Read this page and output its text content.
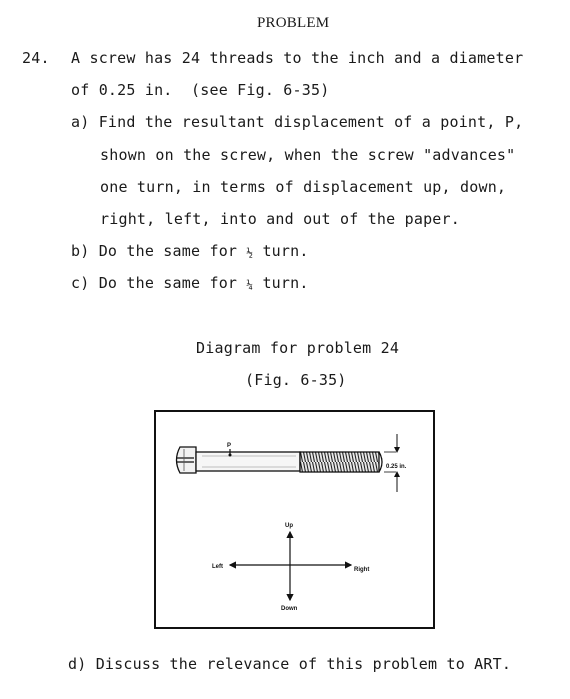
PROBLEM
24. A screw has 24 threads to the inch and a diameter
of 0.25 in.  (see Fig. 6-35)
a) Find the resultant displacement of a point, P,
shown on the screw, when the screw "advances"
one turn, in terms of displacement up, down,
right, left, into and out of the paper.
b) Do the same for ½ turn.
c) Do the same for ¼ turn.
Diagram for problem 24
(Fig. 6-35)
P
0.25 in.
Up
Down
Left	Right
d) Discuss the relevance of this problem to ART.
